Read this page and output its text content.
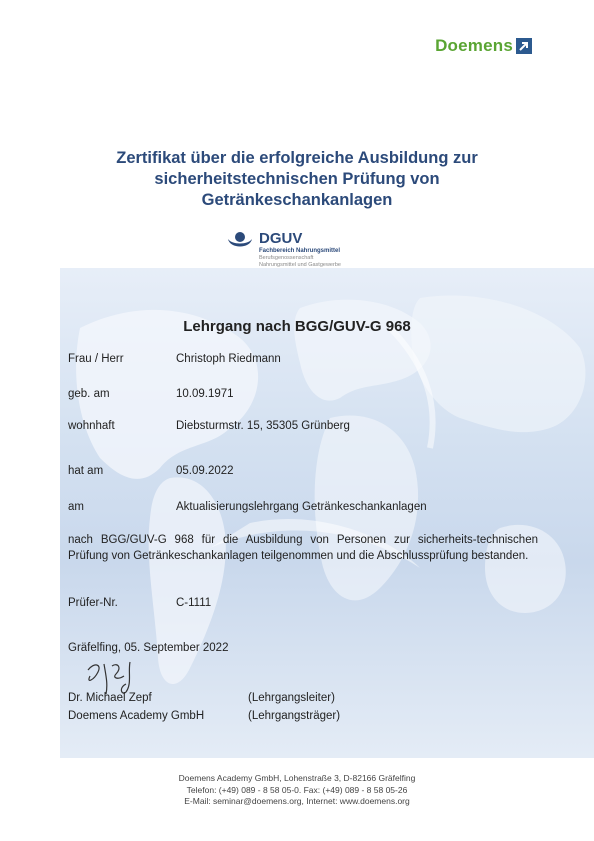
Doemens
Zertifikat über die erfolgreiche Ausbildung zur
sicherheitstechnischen Prüfung von
Getränkeschankanlagen
DGUV
Fachbereich Nahrungsmittel
Berufsgenossenschaft
Nahrungsmittel und Gastgewerbe
Lehrgang nach BGG/GUV-G 968
Frau / Herr	Christoph Riedmann
geb. am	10.09.1971
wohnhaft	Diebsturmstr. 15, 35305 Grünberg
hat am	05.09.2022
am	Aktualisierungslehrgang Getränkeschankanlagen
nach BGG/GUV-G 968 für die Ausbildung von Personen zur sicherheits-technischen Prüfung von Getränkeschankanlagen teilgenommen und die Abschlussprüfung bestanden.
Prüfer-Nr.	C-1111
Gräfelfing, 05. September 2022
Dr. Michael Zepf	(Lehrgangsleiter)
Doemens Academy GmbH	(Lehrgangsträger)
Doemens Academy GmbH, Lohenstraße 3, D-82166 Gräfelfing
Telefon: (+49) 089 - 8 58 05-0. Fax: (+49) 089 - 8 58 05-26
E-Mail: seminar@doemens.org, Internet: www.doemens.org
